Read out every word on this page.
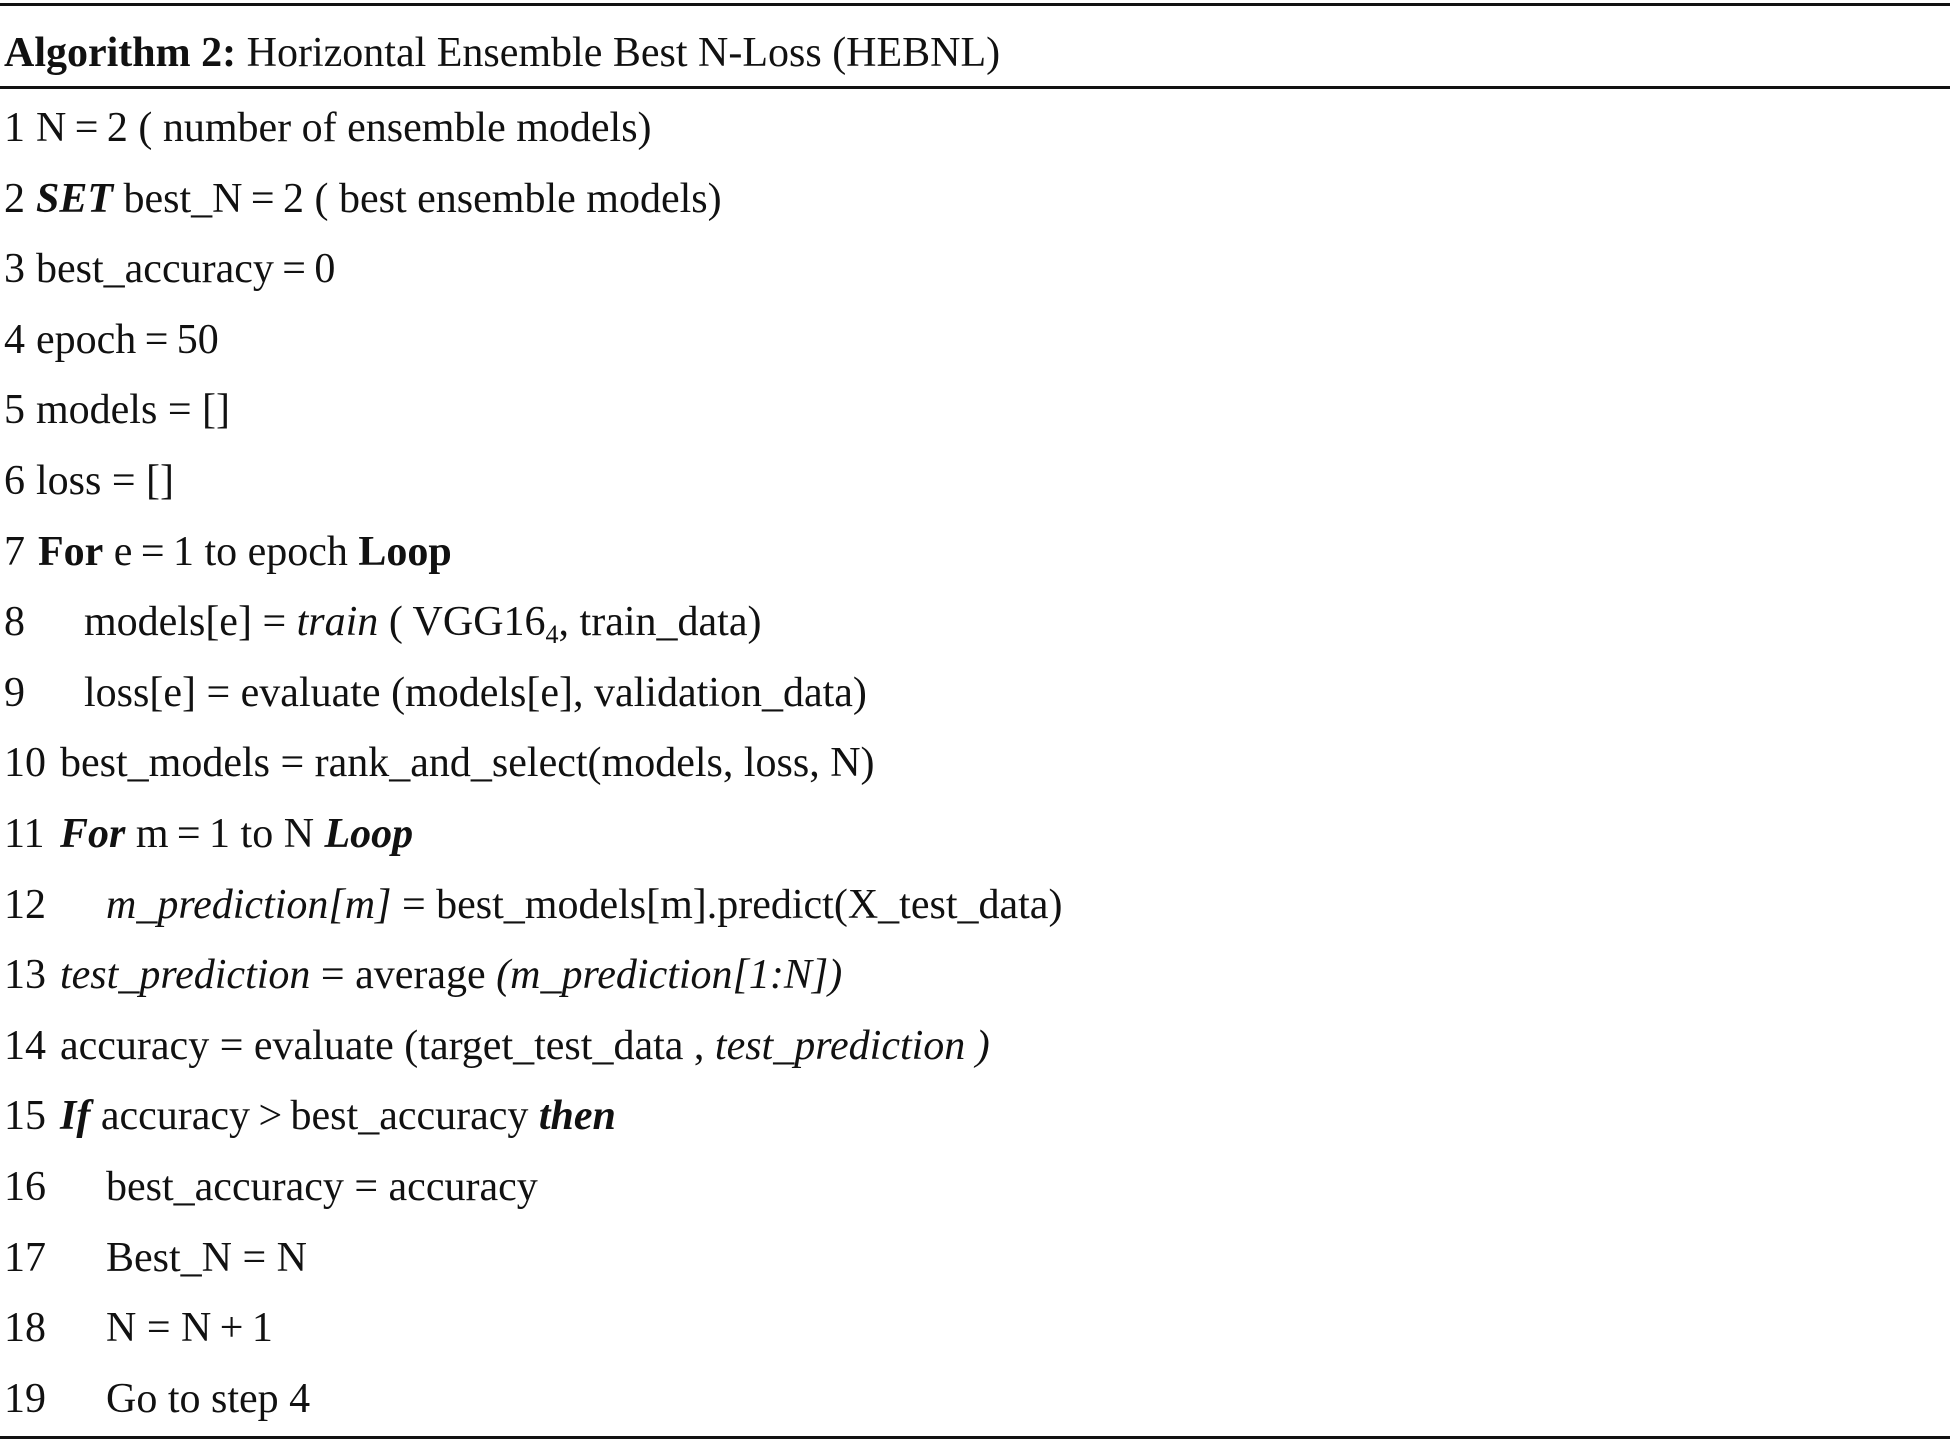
Algorithm 2: Horizontal Ensemble Best N-Loss (HEBNL)
1 N = 2 ( number of ensemble models)
2 SET best_N = 2 ( best ensemble models)
3 best_accuracy = 0
4 epoch = 50
5 models = []
6 loss = []
7 For e = 1 to epoch Loop
8 models[e] = train ( $VGG16_4$, train_data)
9 loss[e] = evaluate (models[e], validation_data)
10 best_models = rank_and_select(models, loss, N)
11 For m = 1 to N Loop
12 m_prediction[m] = best_models[m].predict(X_test_data)
13 test_prediction = average (m_prediction[1:N])
14 accuracy = evaluate (target_test_data , test_prediction )
15 If accuracy > best_accuracy then
16 best_accuracy = accuracy
17 Best_N = N
18 N = N + 1
19 Go to step 4
